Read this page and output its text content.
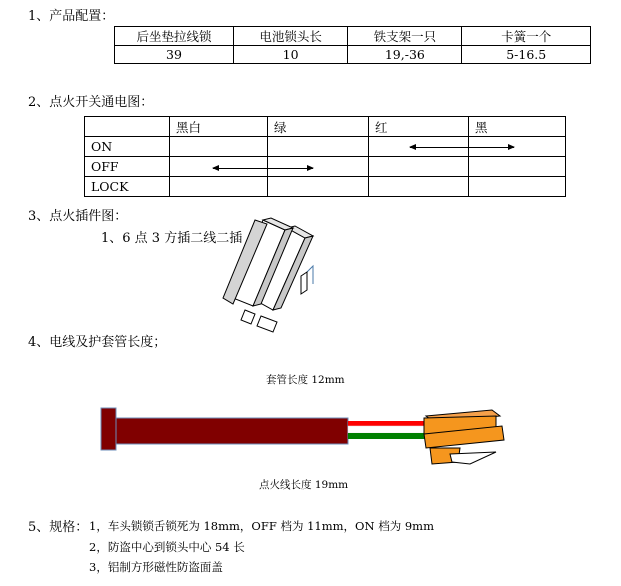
1、产品配置：
后坐垫拉线锁	电池锁头长	铁支架一只	卡簧一个
39	10	19,-36	5-16.5
2、点火开关通电图：
	黑白	绿	红	黑
ON				
OFF				
LOCK				
3、点火插件图：
1、6 点 3 方插二线二插
4、电线及护套管长度；
套管长度 12mm
点火线长度 19mm
5、规格： 1，车头锁锁舌锁死为 18mm，OFF 档为 11mm，ON 档为 9mm
2，防盗中心到锁头中心 54 长
3，铝制方形磁性防盗面盖
